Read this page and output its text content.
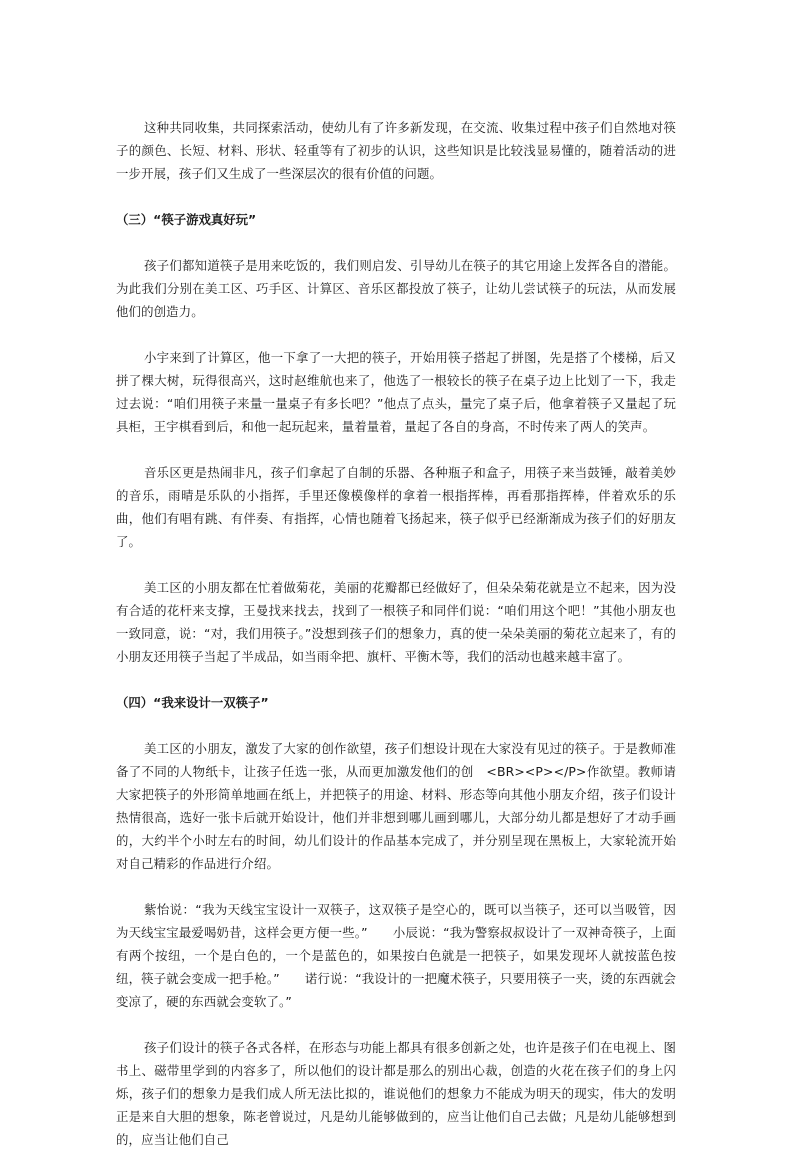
这种共同收集，共同探索活动，使幼儿有了许多新发现，在交流、收集过程中孩子们自然地对筷子的颜色、长短、材料、形状、轻重等有了初步的认识，这些知识是比较浅显易懂的，随着活动的进一步开展，孩子们又生成了一些深层次的很有价值的问题。

（三）“筷子游戏真好玩”

孩子们都知道筷子是用来吃饭的，我们则启发、引导幼儿在筷子的其它用途上发挥各自的潜能。为此我们分别在美工区、巧手区、计算区、音乐区都投放了筷子，让幼儿尝试筷子的玩法，从而发展他们的创造力。

小宇来到了计算区，他一下拿了一大把的筷子，开始用筷子搭起了拼图，先是搭了个楼梯，后又拼了棵大树，玩得很高兴，这时赵维航也来了，他选了一根较长的筷子在桌子边上比划了一下，我走过去说：“咱们用筷子来量一量桌子有多长吧？”他点了点头，量完了桌子后，他拿着筷子又量起了玩具柜，王宇棋看到后，和他一起玩起来，量着量着，量起了各自的身高，不时传来了两人的笑声。

音乐区更是热闹非凡，孩子们拿起了自制的乐器、各种瓶子和盒子，用筷子来当鼓锤，敲着美妙的音乐，雨晴是乐队的小指挥，手里还像模像样的拿着一根指挥棒，再看那指挥棒，伴着欢乐的乐曲，他们有唱有跳、有伴奏、有指挥，心情也随着飞扬起来，筷子似乎已经渐渐成为孩子们的好朋友了。

美工区的小朋友都在忙着做菊花，美丽的花瓣都已经做好了，但朵朵菊花就是立不起来，因为没有合适的花杆来支撑，王曼找来找去，找到了一根筷子和同伴们说：“咱们用这个吧！”其他小朋友也一致同意，说：“对，我们用筷子。”没想到孩子们的想象力，真的使一朵朵美丽的菊花立起来了，有的小朋友还用筷子当起了半成品，如当雨伞把、旗杆、平衡木等，我们的活动也越来越丰富了。

（四）“我来设计一双筷子”

美工区的小朋友，激发了大家的创作欲望，孩子们想设计现在大家没有见过的筷子。于是教师准备了不同的人物纸卡，让孩子任选一张，从而更加激发他们的创　<BR><P></P>作欲望。教师请大家把筷子的外形简单地画在纸上，并把筷子的用途、材料、形态等向其他小朋友介绍，孩子们设计热情很高，选好一张卡后就开始设计，他们并非想到哪儿画到哪儿，大部分幼儿都是想好了才动手画的，大约半个小时左右的时间，幼儿们设计的作品基本完成了，并分别呈现在黑板上，大家轮流开始对自己精彩的作品进行介绍。

紫怡说：“我为天线宝宝设计一双筷子，这双筷子是空心的，既可以当筷子，还可以当吸管，因为天线宝宝最爱喝奶昔，这样会更方便一些。”　　小辰说：“我为警察叔叔设计了一双神奇筷子，上面有两个按纽，一个是白色的，一个是蓝色的，如果按白色就是一把筷子，如果发现坏人就按蓝色按纽，筷子就会变成一把手枪。”　　诺行说：“我设计的一把魔术筷子，只要用筷子一夹，烫的东西就会变凉了，硬的东西就会变软了。”

孩子们设计的筷子各式各样，在形态与功能上都具有很多创新之处，也许是孩子们在电视上、图书上、磁带里学到的内容多了，所以他们的设计都是那么的别出心裁，创造的火花在孩子们的身上闪烁，孩子们的想象力是我们成人所无法比拟的，谁说他们的想象力不能成为明天的现实，伟大的发明正是来自大胆的想象，陈老曾说过，凡是幼儿能够做到的，应当让他们自己去做；凡是幼儿能够想到的，应当让他们自己
